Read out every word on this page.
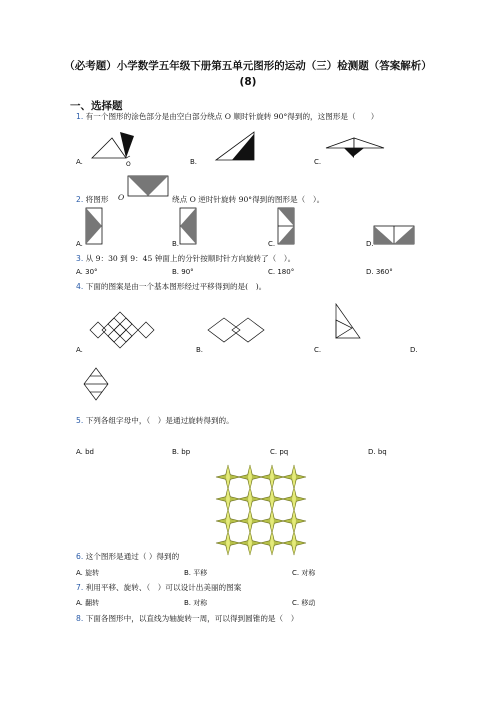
（必考题）小学数学五年级下册第五单元图形的运动（三）检测题（答案解析）(8)
一、选择题
1. 有一个图形的涂色部分是由空白部分绕点 O 顺时针旋转 90°得到的，这图形是（　　）
A.	O	B.	C.
2. 将图形 O	绕点 O 逆时针旋转 90°得到的图形是（　）。
A.	B.	C.	D.
3. 从 9：30 到 9：45 钟面上的分针按顺时针方向旋转了（　）。
A. 30°	B. 90°	C. 180°	D. 360°
4. 下面的图案是由一个基本图形经过平移得到的是(　)。
A.	B.	C.	D.
5. 下列各组字母中，（　）是通过旋转得到的。
A. bd	B. bp	C. pq	D. bq
6. 这个图形是通过（ ）得到的
A. 旋转	B. 平移	C. 对称
7. 利用平移、旋转、（　）可以设计出美丽的图案
A. 翻转	B. 对称	C. 移动
8. 下面各图形中，以直线为轴旋转一周，可以得到圆锥的是（　）
